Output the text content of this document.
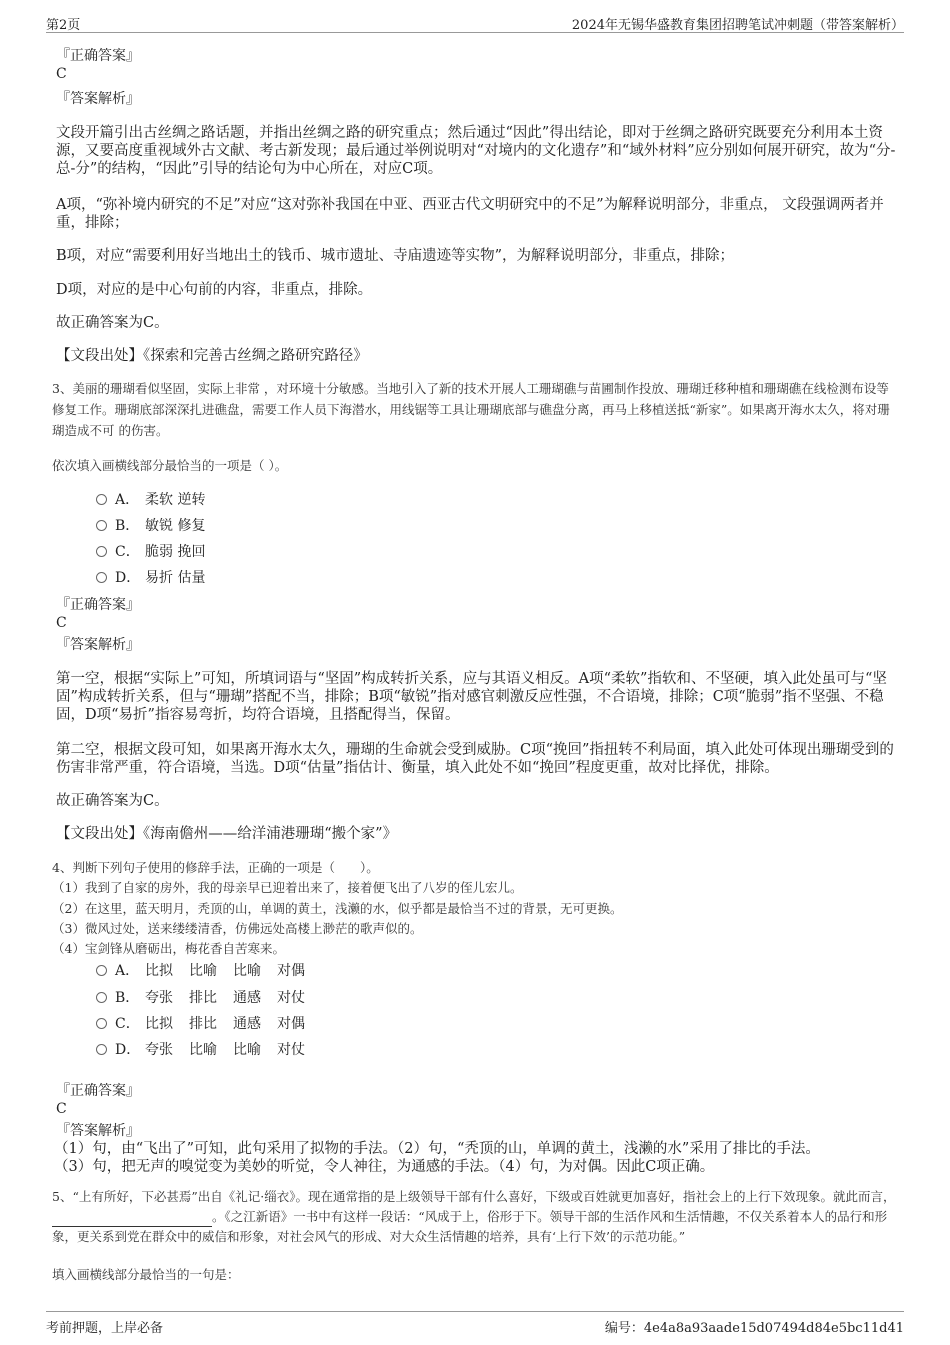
第2页	2024年无锡华盛教育集团招聘笔试冲刺题（带答案解析）
『正确答案』
C
『答案解析』
文段开篇引出古丝绸之路话题，并指出丝绸之路的研究重点；然后通过“因此”得出结论，即对于丝绸之路研究既要充分利用本土资源，又要高度重视域外古文献、考古新发现；最后通过举例说明对“对境内的文化遗存”和“域外材料”应分别如何展开研究，故为“分-总-分”的结构，“因此”引导的结论句为中心所在，对应C项。
A项，“弥补境内研究的不足”对应“这对弥补我国在中亚、西亚古代文明研究中的不足”为解释说明部分，非重点， 文段强调两者并重，排除；
B项，对应“需要利用好当地出土的钱币、城市遗址、寺庙遗迹等实物”，为解释说明部分，非重点，排除；
D项，对应的是中心句前的内容，非重点，排除。
故正确答案为C。
【文段出处】《探索和完善古丝绸之路研究路径》
3、美丽的珊瑚看似坚固，实际上非常 ，对环境十分敏感。当地引入了新的技术开展人工珊瑚礁与苗圃制作投放、珊瑚迁移种植和珊瑚礁在线检测布设等修复工作。珊瑚底部深深扎进礁盘，需要工作人员下海潜水，用线锯等工具让珊瑚底部与礁盘分离，再马上移植送抵“新家”。如果离开海水太久，将对珊瑚造成不可 的伤害。
依次填入画横线部分最恰当的一项是（ ）。
A． 柔软 逆转
B． 敏锐 修复
C． 脆弱 挽回
D． 易折 估量
『正确答案』
C
『答案解析』
第一空，根据“实际上”可知，所填词语与“坚固”构成转折关系，应与其语义相反。A项“柔软”指软和、不坚硬，填入此处虽可与“坚固”构成转折关系，但与“珊瑚”搭配不当，排除；B项“敏锐”指对感官刺激反应性强，不合语境，排除；C项“脆弱”指不坚强、不稳固，D项“易折”指容易弯折，均符合语境，且搭配得当，保留。
第二空，根据文段可知，如果离开海水太久，珊瑚的生命就会受到威胁。C项“挽回”指扭转不利局面，填入此处可体现出珊瑚受到的伤害非常严重，符合语境，当选。D项“估量”指估计、衡量，填入此处不如“挽回”程度更重，故对比择优，排除。
故正确答案为C。
【文段出处】《海南儋州——给洋浦港珊瑚“搬个家”》
4、判断下列句子使用的修辞手法，正确的一项是（　　）。
（1）我到了自家的房外，我的母亲早已迎着出来了，接着便飞出了八岁的侄儿宏儿。
（2）在这里，蓝天明月，秃顶的山，单调的黄土，浅濑的水，似乎都是最恰当不过的背景，无可更换。
（3）微风过处，送来缕缕清香，仿佛远处高楼上渺茫的歌声似的。
（4）宝剑锋从磨砺出，梅花香自苦寒来。
A． 比拟 比喻 比喻 对偶
B． 夸张 排比 通感 对仗
C． 比拟 排比 通感 对偶
D． 夸张 比喻 比喻 对仗
『正确答案』
C
『答案解析』
（1）句，由“飞出了”可知，此句采用了拟物的手法。（2）句，“秃顶的山，单调的黄土，浅濑的水”采用了排比的手法。
（3）句，把无声的嗅觉变为美妙的听觉，令人神往，为通感的手法。（4）句，为对偶。因此C项正确。
5、“上有所好，下必甚焉”出自《礼记·缁衣》。现在通常指的是上级领导干部有什么喜好，下级或百姓就更加喜好，指社会上的上行下效现象。就此而言，。《之江新语》一书中有这样一段话：“风成于上，俗形于下。领导干部的生活作风和生活情趣，不仅关系着本人的品行和形象，更关系到党在群众中的威信和形象，对社会风气的形成、对大众生活情趣的培养，具有‘上行下效’的示范功能。”
填入画横线部分最恰当的一句是：
考前押题，上岸必备	编号：4e4a8a93aade15d07494d84e5bc11d41
